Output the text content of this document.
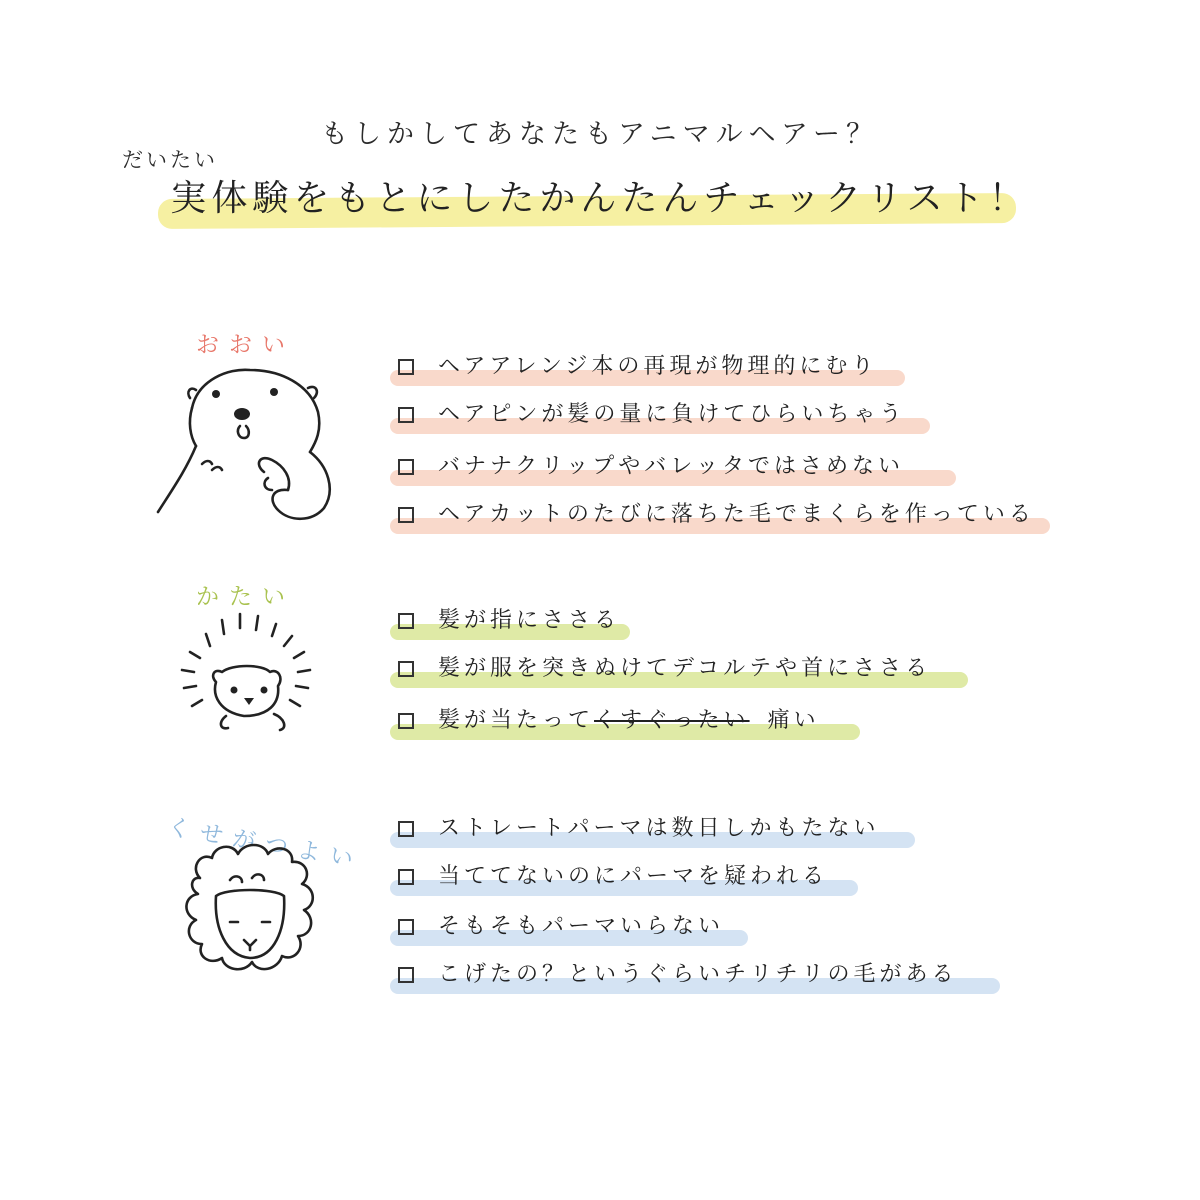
もしかしてあなたもアニマルヘアー？
だいたい
実体験をもとにしたかんたんチェックリスト！
おおい
ヘアアレンジ本の再現が物理的にむり
ヘアピンが髪の量に負けてひらいちゃう
バナナクリップやバレッタではさめない
ヘアカットのたびに落ちた毛でまくらを作っている
かたい
髪が指にささる
髪が服を突きぬけてデコルテや首にささる
髪が当たって くすぐったい 痛い
くせがつよい	ストレートパーマは数日しかもたない
当ててないのにパーマを疑われる
そもそもパーマいらない
こげたの？というぐらいチリチリの毛がある
